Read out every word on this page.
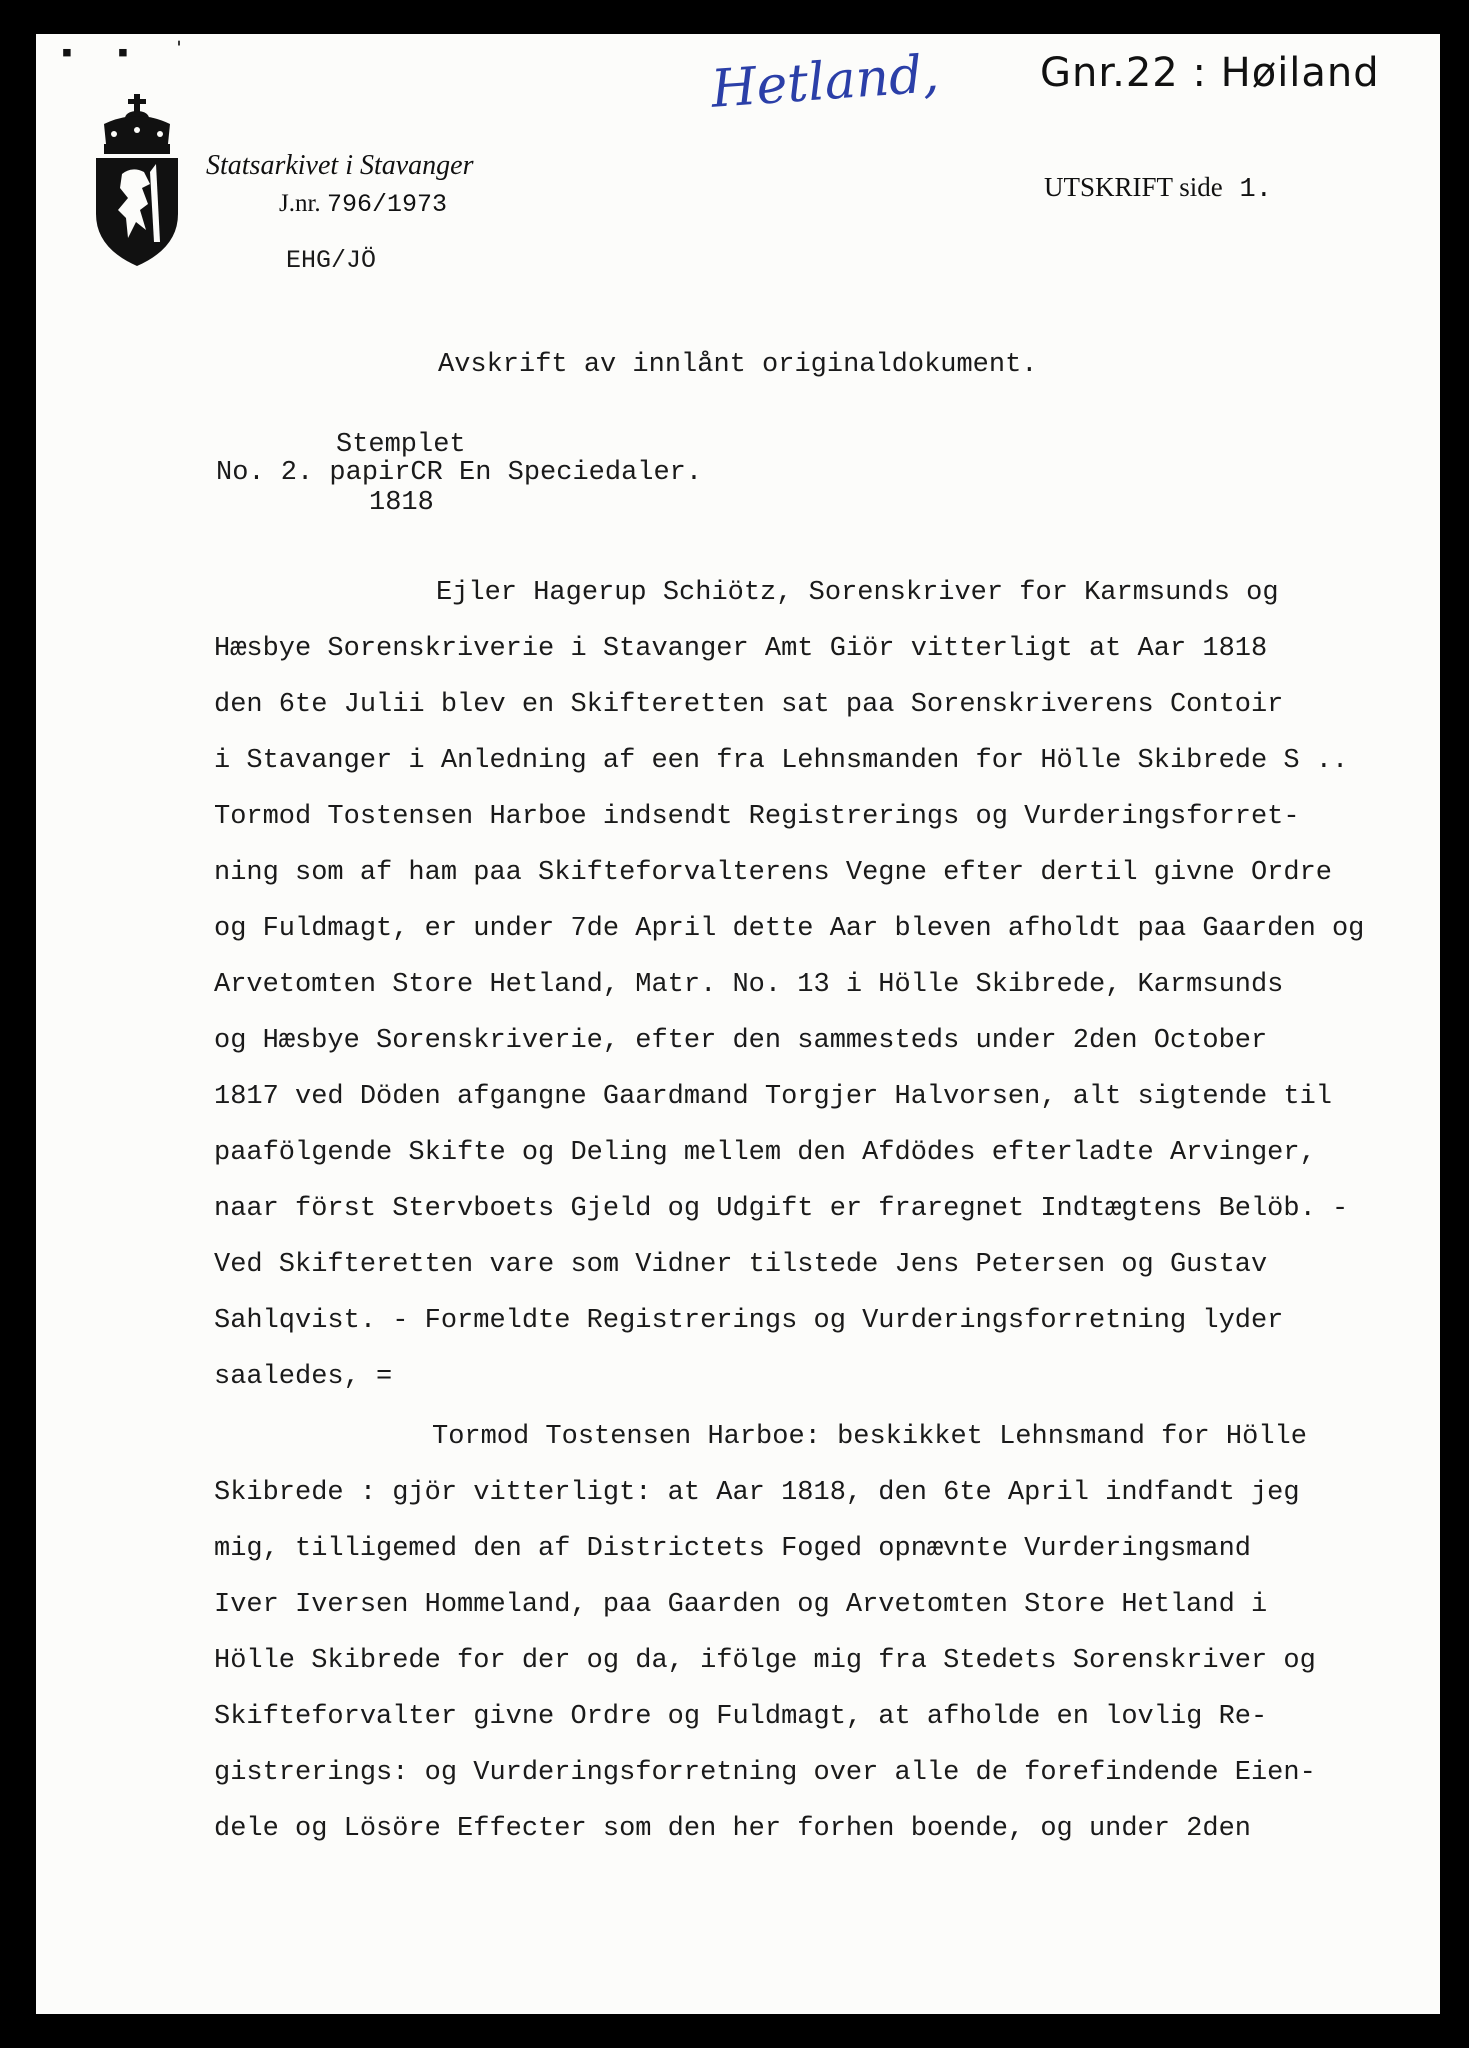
▪ ▪ ˈ	Hetland, Gnr.22 : Høiland
Statsarkivet i Stavanger
J.nr. 796/1973
EHG/JÖ
UTSKRIFT side 1.
Avskrift av innlånt originaldokument.
Stemplet
No. 2. papirCR En Speciedaler.
1818
Ejler Hagerup Schiötz, Sorenskriver for Karmsunds og
Hæsbye Sorenskriverie i Stavanger Amt Giör vitterligt at Aar 1818
den 6te Julii blev en Skifteretten sat paa Sorenskriverens Contoir
i Stavanger i Anledning af een fra Lehnsmanden for Hölle Skibrede S ..
Tormod Tostensen Harboe indsendt Registrerings og Vurderingsforret-
ning som af ham paa Skifteforvalterens Vegne efter dertil givne Ordre
og Fuldmagt, er under 7de April dette Aar bleven afholdt paa Gaarden og
Arvetomten Store Hetland, Matr. No. 13 i Hölle Skibrede, Karmsunds
og Hæsbye Sorenskriverie, efter den sammesteds under 2den October
1817 ved Döden afgangne Gaardmand Torgjer Halvorsen, alt sigtende til
paafölgende Skifte og Deling mellem den Afdödes efterladte Arvinger,
naar först Stervboets Gjeld og Udgift er fraregnet Indtægtens Belöb. -
Ved Skifteretten vare som Vidner tilstede Jens Petersen og Gustav
Sahlqvist. - Formeldte Registrerings og Vurderingsforretning lyder
saaledes, =
Tormod Tostensen Harboe: beskikket Lehnsmand for Hölle
Skibrede : gjör vitterligt: at Aar 1818, den 6te April indfandt jeg
mig, tilligemed den af Districtets Foged opnævnte Vurderingsmand
Iver Iversen Hommeland, paa Gaarden og Arvetomten Store Hetland i
Hölle Skibrede for der og da, ifölge mig fra Stedets Sorenskriver og
Skifteforvalter givne Ordre og Fuldmagt, at afholde en lovlig Re-
gistrerings: og Vurderingsforretning over alle de forefindende Eien-
dele og Lösöre Effecter som den her forhen boende, og under 2den
